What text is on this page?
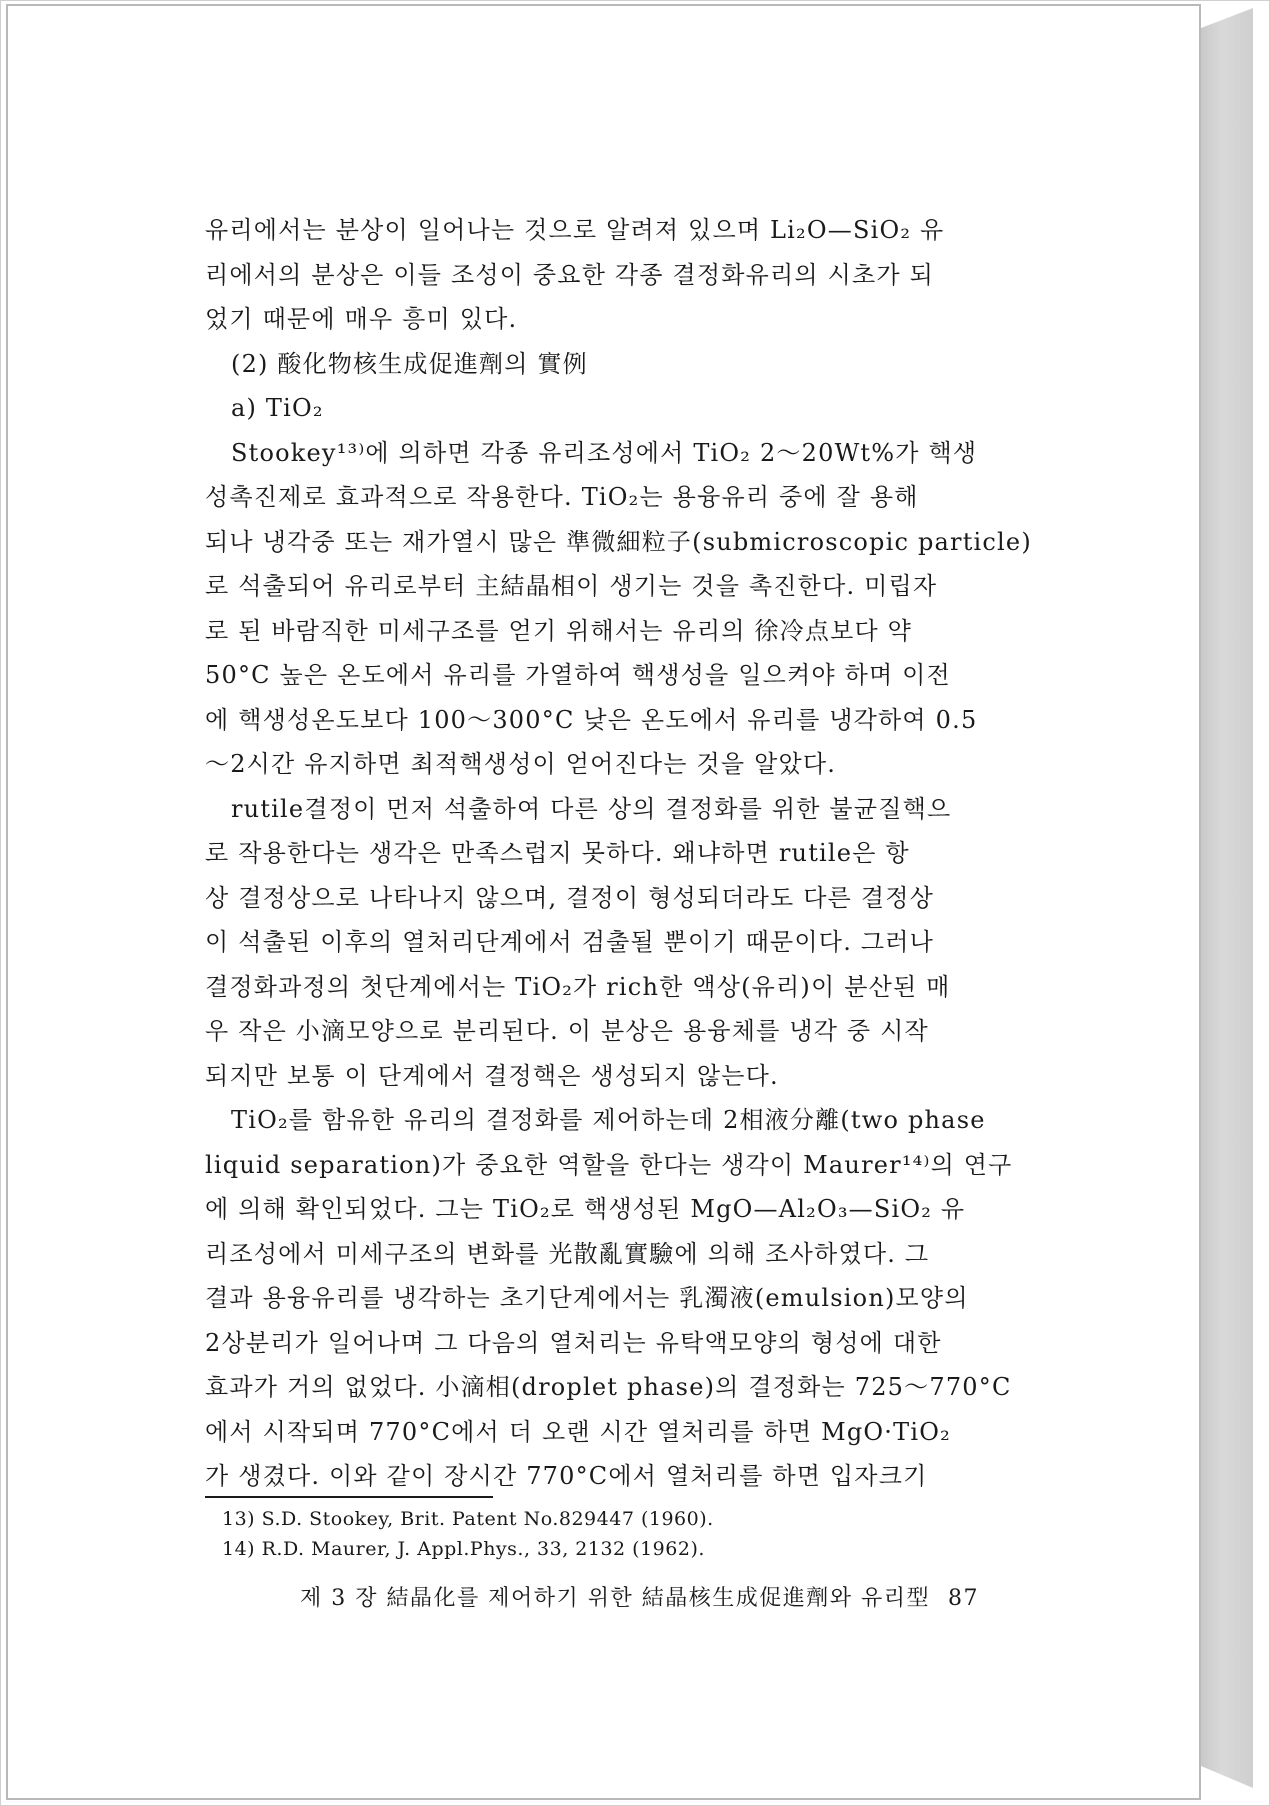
유리에서는 분상이 일어나는 것으로 알려져 있으며 Li₂O—SiO₂ 유
리에서의 분상은 이들 조성이 중요한 각종 결정화유리의 시초가 되
었기 때문에 매우 흥미 있다.
(2) 酸化物核生成促進劑의 實例
a) TiO₂
Stookey¹³⁾에 의하면 각종 유리조성에서 TiO₂ 2～20Wt%가 핵생
성촉진제로 효과적으로 작용한다. TiO₂는 용융유리 중에 잘 용해
되나 냉각중 또는 재가열시 많은 準微細粒子(submicroscopic particle)
로 석출되어 유리로부터 主結晶相이 생기는 것을 촉진한다. 미립자
로 된 바람직한 미세구조를 얻기 위해서는 유리의 徐冷点보다 약
50°C 높은 온도에서 유리를 가열하여 핵생성을 일으켜야 하며 이전
에 핵생성온도보다 100～300°C 낮은 온도에서 유리를 냉각하여 0.5
～2시간 유지하면 최적핵생성이 얻어진다는 것을 알았다.
rutile결정이 먼저 석출하여 다른 상의 결정화를 위한 불균질핵으
로 작용한다는 생각은 만족스럽지 못하다. 왜냐하면 rutile은 항
상 결정상으로 나타나지 않으며, 결정이 형성되더라도 다른 결정상
이 석출된 이후의 열처리단계에서 검출될 뿐이기 때문이다. 그러나
결정화과정의 첫단계에서는 TiO₂가 rich한 액상(유리)이 분산된 매
우 작은 小滴모양으로 분리된다. 이 분상은 용융체를 냉각 중 시작
되지만 보통 이 단계에서 결정핵은 생성되지 않는다.
TiO₂를 함유한 유리의 결정화를 제어하는데 2相液分離(two phase
liquid separation)가 중요한 역할을 한다는 생각이 Maurer¹⁴⁾의 연구
에 의해 확인되었다. 그는 TiO₂로 핵생성된 MgO—Al₂O₃—SiO₂ 유
리조성에서 미세구조의 변화를 光散亂實驗에 의해 조사하였다. 그
결과 용융유리를 냉각하는 초기단계에서는 乳濁液(emulsion)모양의
2상분리가 일어나며 그 다음의 열처리는 유탁액모양의 형성에 대한
효과가 거의 없었다. 小滴相(droplet phase)의 결정화는 725～770°C
에서 시작되며 770°C에서 더 오랜 시간 열처리를 하면 MgO·TiO₂
가 생겼다. 이와 같이 장시간 770°C에서 열처리를 하면 입자크기
13) S.D. Stookey, Brit. Patent No.829447 (1960).
14) R.D. Maurer, J. Appl.Phys., 33, 2132 (1962).
제 3 장 結晶化를 제어하기 위한 結晶核生成促進劑와 유리型 87
